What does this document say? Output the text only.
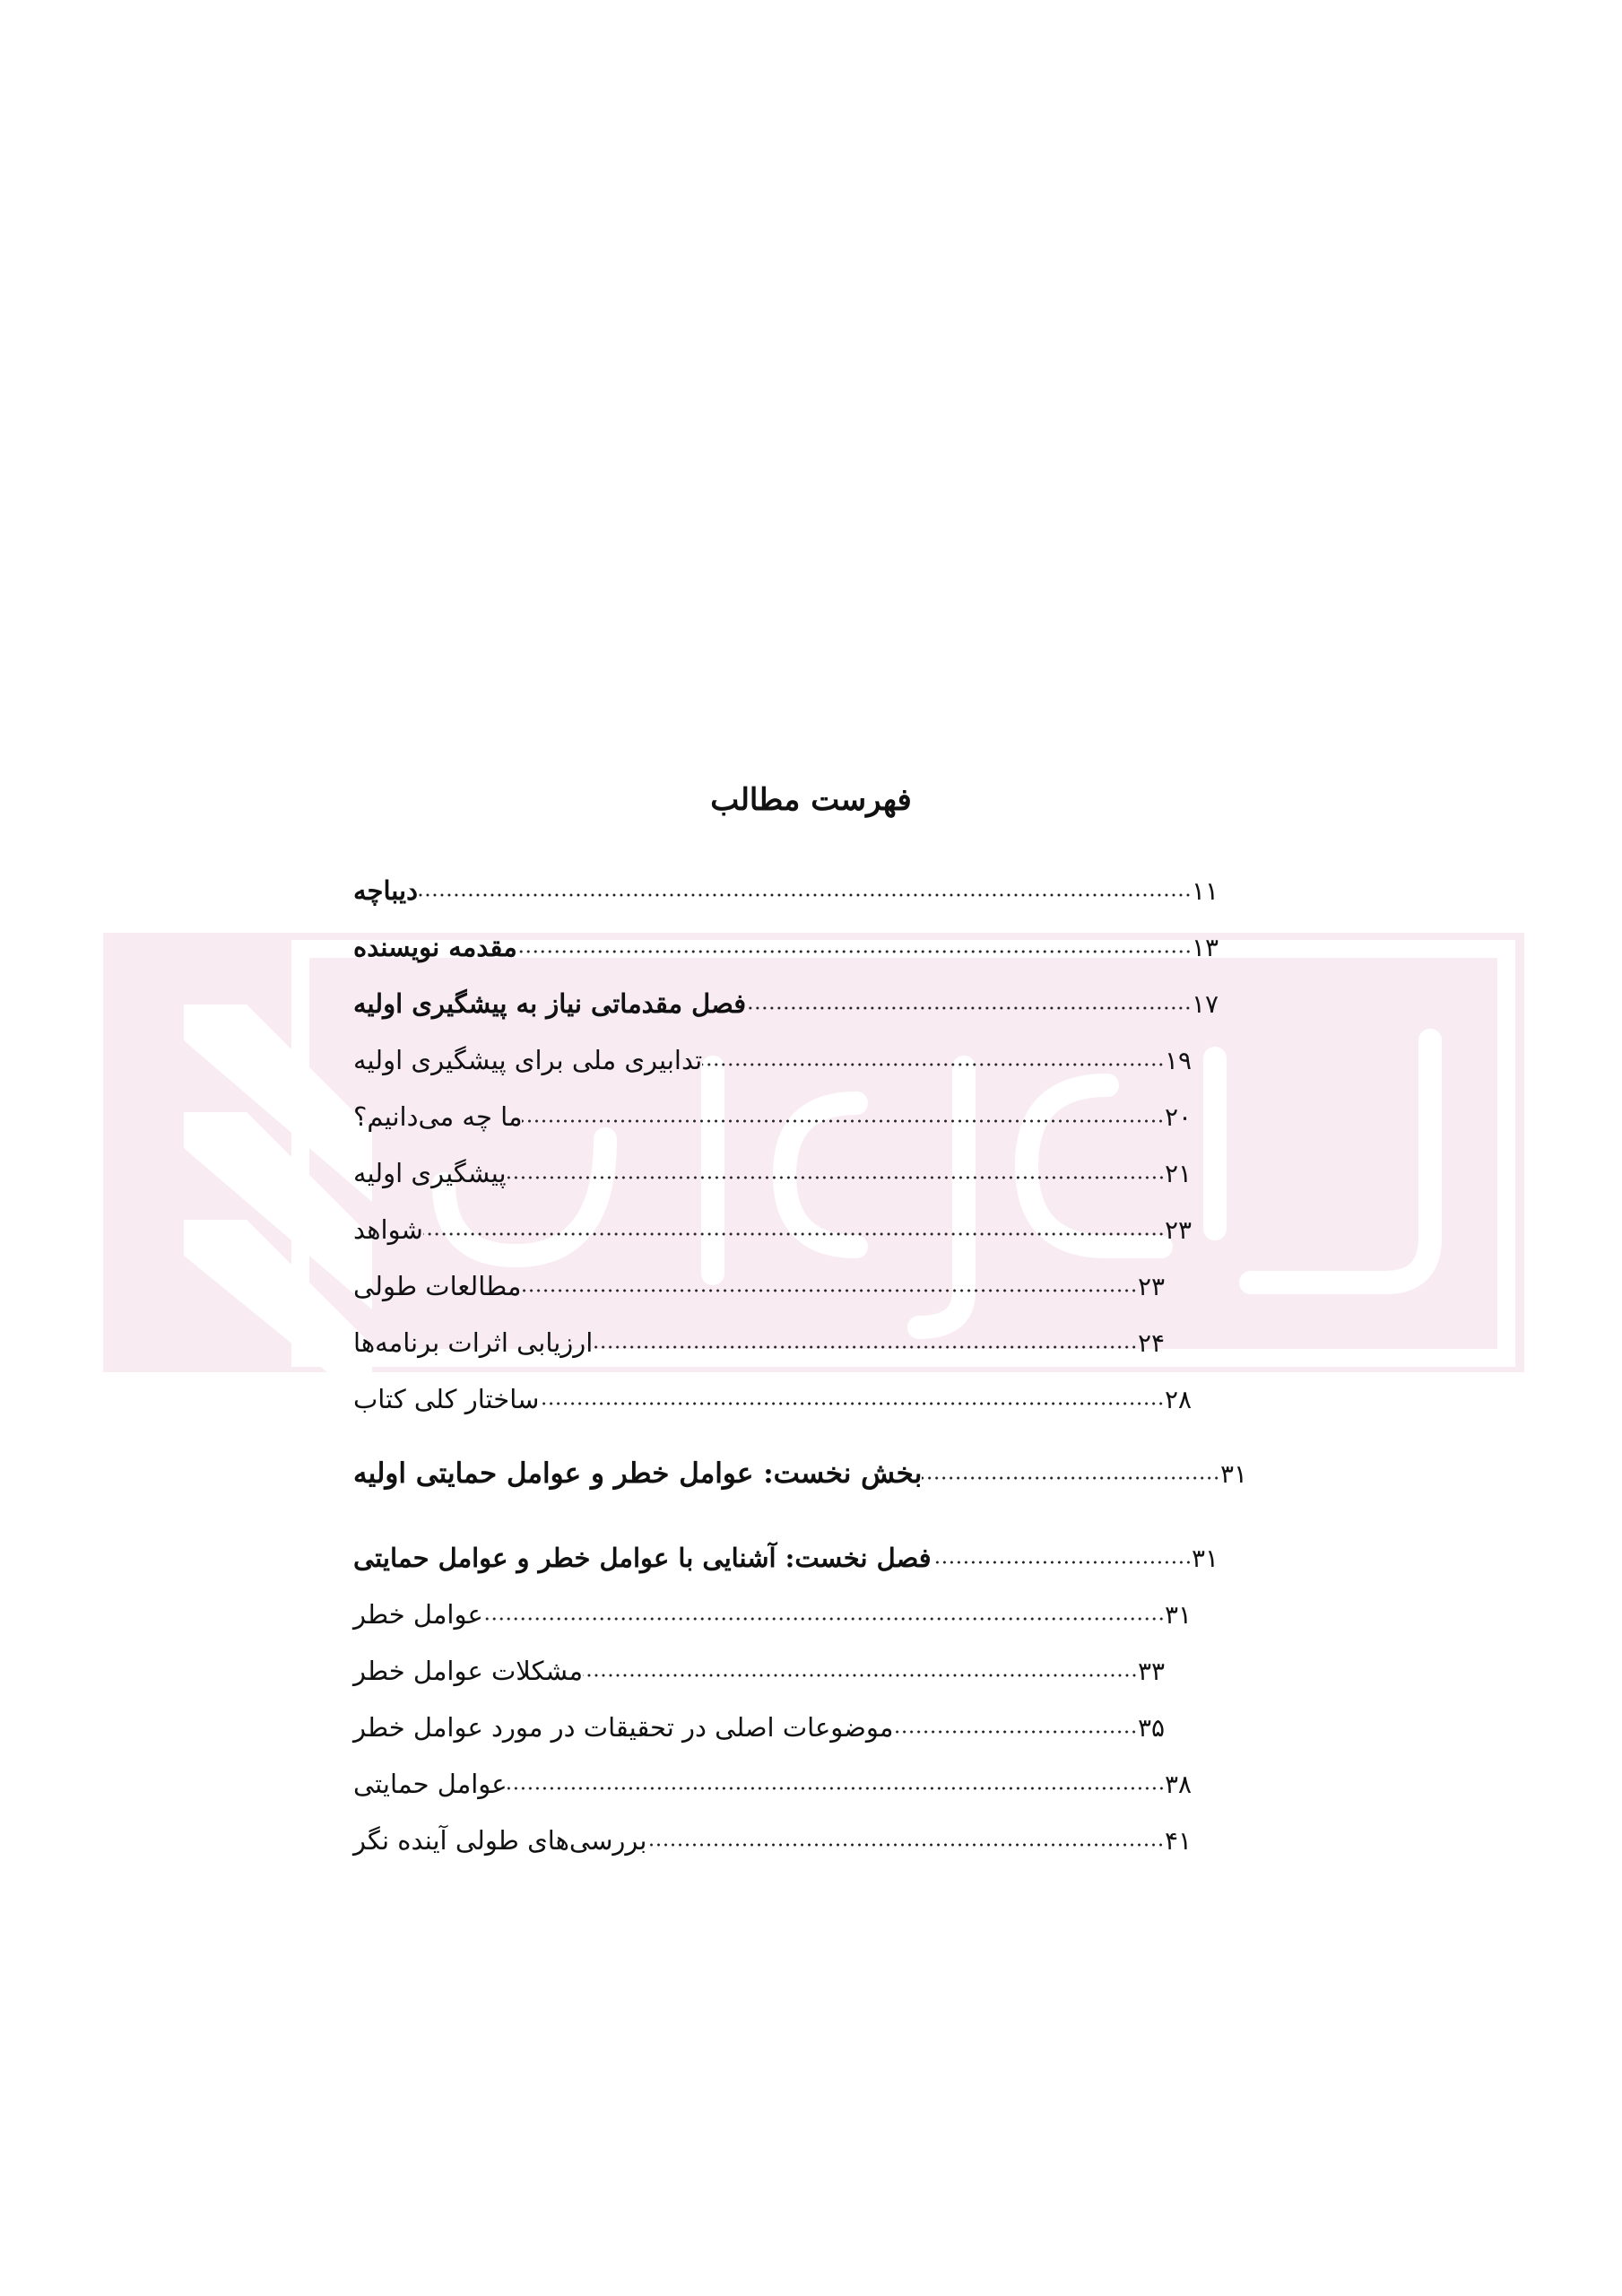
فهرست مطالب
دیباچه	۱۱
مقدمه نویسنده	۱۳
فصل مقدماتی نیاز به پیشگیری اولیه	۱۷
تدابیری ملی برای پیشگیری اولیه	۱۹
ما چه می‌دانیم؟	۲۰
پیشگیری اولیه	۲۱
شواهد	۲۳
مطالعات طولی	۲۳
ارزیابی اثرات برنامه‌ها	۲۴
ساختار کلی کتاب	۲۸
بخش نخست: عوامل خطر و عوامل حمایتی اولیه	۳۱
فصل نخست: آشنایی با عوامل خطر و عوامل حمایتی	۳۱
عوامل خطر	۳۱
مشکلات عوامل خطر	۳۳
موضوعات اصلی در تحقیقات در مورد عوامل خطر	۳۵
عوامل حمایتی	۳۸
بررسی‌های طولی آینده نگر	۴۱
